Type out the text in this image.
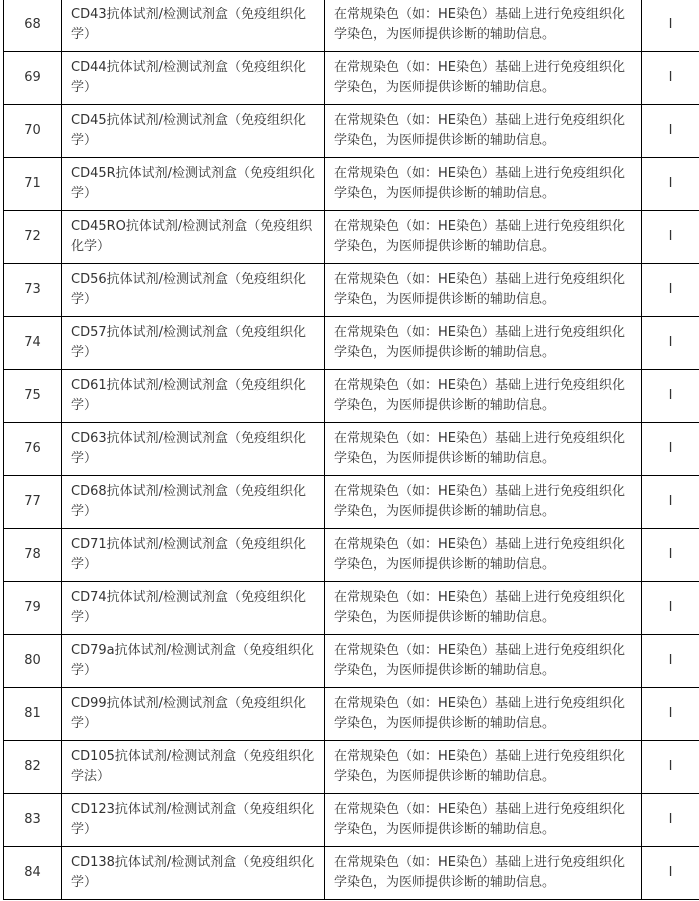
68	CD43抗体试剂/检测试剂盒（免疫组织化学）	在常规染色（如：HE染色）基础上进行免疫组织化学染色，为医师提供诊断的辅助信息。	I

69	CD44抗体试剂/检测试剂盒（免疫组织化学）	在常规染色（如：HE染色）基础上进行免疫组织化学染色，为医师提供诊断的辅助信息。	I

70	CD45抗体试剂/检测试剂盒（免疫组织化学）	在常规染色（如：HE染色）基础上进行免疫组织化学染色，为医师提供诊断的辅助信息。	I

71	CD45R抗体试剂/检测试剂盒（免疫组织化学）	在常规染色（如：HE染色）基础上进行免疫组织化学染色，为医师提供诊断的辅助信息。	I

72	CD45RO抗体试剂/检测试剂盒（免疫组织化学）	在常规染色（如：HE染色）基础上进行免疫组织化学染色，为医师提供诊断的辅助信息。	I

73	CD56抗体试剂/检测试剂盒（免疫组织化学）	在常规染色（如：HE染色）基础上进行免疫组织化学染色，为医师提供诊断的辅助信息。	I

74	CD57抗体试剂/检测试剂盒（免疫组织化学）	在常规染色（如：HE染色）基础上进行免疫组织化学染色，为医师提供诊断的辅助信息。	I

75	CD61抗体试剂/检测试剂盒（免疫组织化学）	在常规染色（如：HE染色）基础上进行免疫组织化学染色，为医师提供诊断的辅助信息。	I

76	CD63抗体试剂/检测试剂盒（免疫组织化学）	在常规染色（如：HE染色）基础上进行免疫组织化学染色，为医师提供诊断的辅助信息。	I

77	CD68抗体试剂/检测试剂盒（免疫组织化学）	在常规染色（如：HE染色）基础上进行免疫组织化学染色，为医师提供诊断的辅助信息。	I

78	CD71抗体试剂/检测试剂盒（免疫组织化学）	在常规染色（如：HE染色）基础上进行免疫组织化学染色，为医师提供诊断的辅助信息。	I

79	CD74抗体试剂/检测试剂盒（免疫组织化学）	在常规染色（如：HE染色）基础上进行免疫组织化学染色，为医师提供诊断的辅助信息。	I

80	CD79a抗体试剂/检测试剂盒（免疫组织化学）	在常规染色（如：HE染色）基础上进行免疫组织化学染色，为医师提供诊断的辅助信息。	I

81	CD99抗体试剂/检测试剂盒（免疫组织化学）	在常规染色（如：HE染色）基础上进行免疫组织化学染色，为医师提供诊断的辅助信息。	I

82	CD105抗体试剂/检测试剂盒（免疫组织化学法）	在常规染色（如：HE染色）基础上进行免疫组织化学染色，为医师提供诊断的辅助信息。	I

83	CD123抗体试剂/检测试剂盒（免疫组织化学）	在常规染色（如：HE染色）基础上进行免疫组织化学染色，为医师提供诊断的辅助信息。	I

84	CD138抗体试剂/检测试剂盒（免疫组织化学）	在常规染色（如：HE染色）基础上进行免疫组织化学染色，为医师提供诊断的辅助信息。	I
